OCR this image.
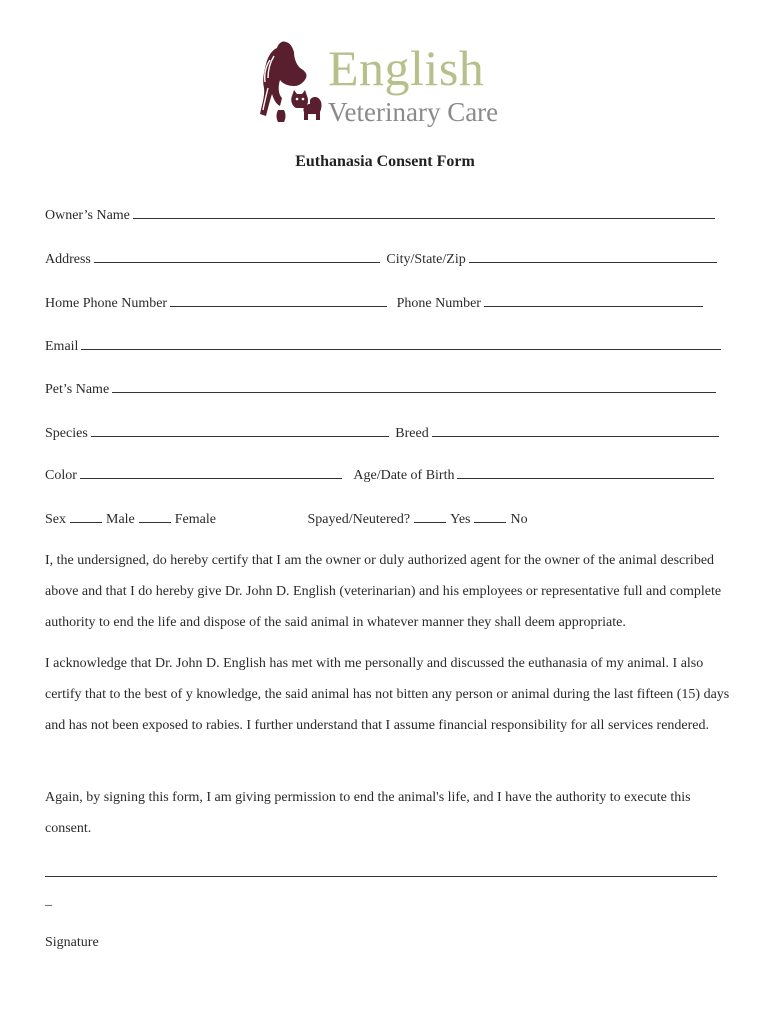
English
Veterinary Care
Euthanasia Consent Form
Owner’s Name
Address	City/State/Zip
Home Phone Number	Phone Number
Email
Pet’s Name
Species	Breed
Color	Age/Date of Birth
Sex	Male	Female	Spayed/Neutered?	Yes	No
I, the undersigned, do hereby certify that I am the owner or duly authorized agent for the owner of the animal described above and that I do hereby give Dr. John D. English (veterinarian) and his employees or representative full and complete authority to end the life and dispose of the said animal in whatever manner they shall deem appropriate.
I acknowledge that Dr. John D. English has met with me personally and discussed the euthanasia of my animal. I also certify that to the best of y knowledge, the said animal has not bitten any person or animal during the last fifteen (15) days and has not been exposed to rabies. I further understand that I assume financial responsibility for all services rendered.
Again, by signing this form, I am giving permission to end the animal's life, and I have the authority to execute this consent.
_
Signature
